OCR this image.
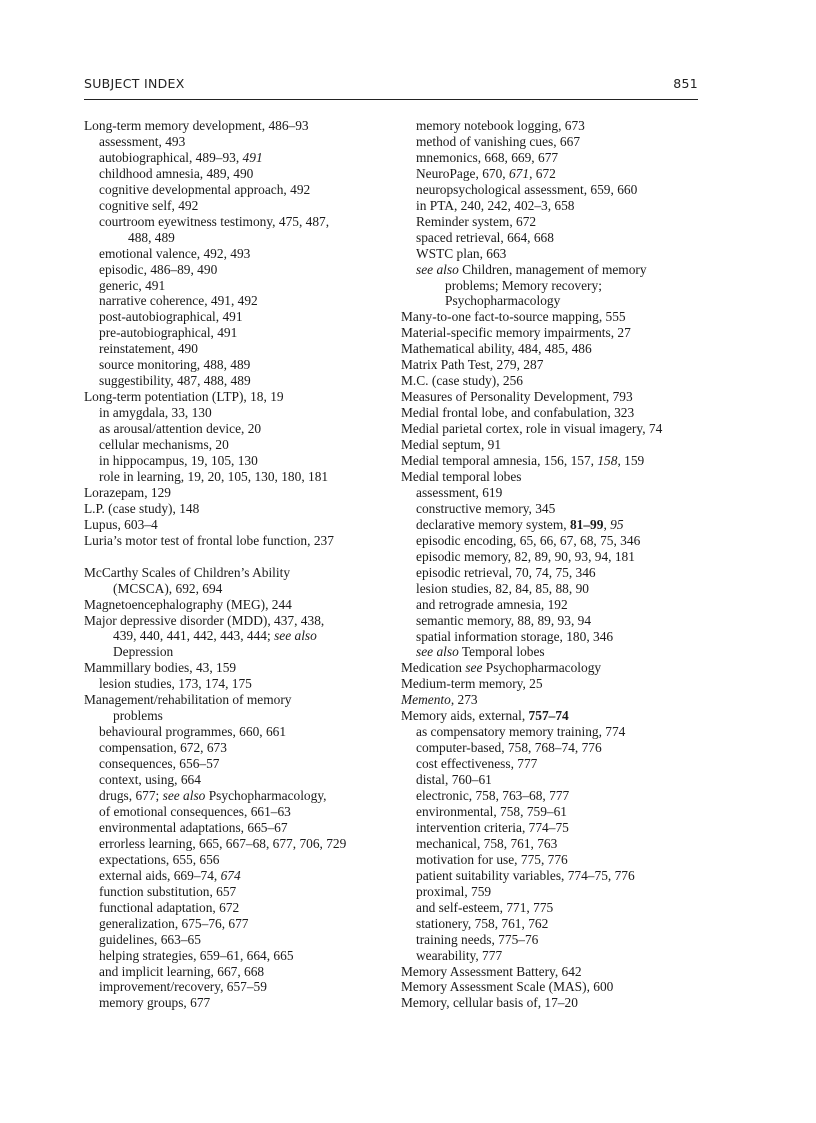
SUBJECT INDEX	851
Long-term memory development, 486–93
assessment, 493
autobiographical, 489–93, 491
childhood amnesia, 489, 490
cognitive developmental approach, 492
cognitive self, 492
courtroom eyewitness testimony, 475, 487,
488, 489
emotional valence, 492, 493
episodic, 486–89, 490
generic, 491
narrative coherence, 491, 492
post-autobiographical, 491
pre-autobiographical, 491
reinstatement, 490
source monitoring, 488, 489
suggestibility, 487, 488, 489
Long-term potentiation (LTP), 18, 19
in amygdala, 33, 130
as arousal/attention device, 20
cellular mechanisms, 20
in hippocampus, 19, 105, 130
role in learning, 19, 20, 105, 130, 180, 181
Lorazepam, 129
L.P. (case study), 148
Lupus, 603–4
Luria’s motor test of frontal lobe function, 237
McCarthy Scales of Children’s Ability
(MCSCA), 692, 694
Magnetoencephalography (MEG), 244
Major depressive disorder (MDD), 437, 438,
439, 440, 441, 442, 443, 444; see also
Depression
Mammillary bodies, 43, 159
lesion studies, 173, 174, 175
Management/rehabilitation of memory
problems
behavioural programmes, 660, 661
compensation, 672, 673
consequences, 656–57
context, using, 664
drugs, 677; see also Psychopharmacology,
of emotional consequences, 661–63
environmental adaptations, 665–67
errorless learning, 665, 667–68, 677, 706, 729
expectations, 655, 656
external aids, 669–74, 674
function substitution, 657
functional adaptation, 672
generalization, 675–76, 677
guidelines, 663–65
helping strategies, 659–61, 664, 665
and implicit learning, 667, 668
improvement/recovery, 657–59
memory groups, 677
memory notebook logging, 673
method of vanishing cues, 667
mnemonics, 668, 669, 677
NeuroPage, 670, 671, 672
neuropsychological assessment, 659, 660
in PTA, 240, 242, 402–3, 658
Reminder system, 672
spaced retrieval, 664, 668
WSTC plan, 663
see also Children, management of memory
problems; Memory recovery;
Psychopharmacology
Many-to-one fact-to-source mapping, 555
Material-specific memory impairments, 27
Mathematical ability, 484, 485, 486
Matrix Path Test, 279, 287
M.C. (case study), 256
Measures of Personality Development, 793
Medial frontal lobe, and confabulation, 323
Medial parietal cortex, role in visual imagery, 74
Medial septum, 91
Medial temporal amnesia, 156, 157, 158, 159
Medial temporal lobes
assessment, 619
constructive memory, 345
declarative memory system, 81–99, 95
episodic encoding, 65, 66, 67, 68, 75, 346
episodic memory, 82, 89, 90, 93, 94, 181
episodic retrieval, 70, 74, 75, 346
lesion studies, 82, 84, 85, 88, 90
and retrograde amnesia, 192
semantic memory, 88, 89, 93, 94
spatial information storage, 180, 346
see also Temporal lobes
Medication see Psychopharmacology
Medium-term memory, 25
Memento, 273
Memory aids, external, 757–74
as compensatory memory training, 774
computer-based, 758, 768–74, 776
cost effectiveness, 777
distal, 760–61
electronic, 758, 763–68, 777
environmental, 758, 759–61
intervention criteria, 774–75
mechanical, 758, 761, 763
motivation for use, 775, 776
patient suitability variables, 774–75, 776
proximal, 759
and self-esteem, 771, 775
stationery, 758, 761, 762
training needs, 775–76
wearability, 777
Memory Assessment Battery, 642
Memory Assessment Scale (MAS), 600
Memory, cellular basis of, 17–20
